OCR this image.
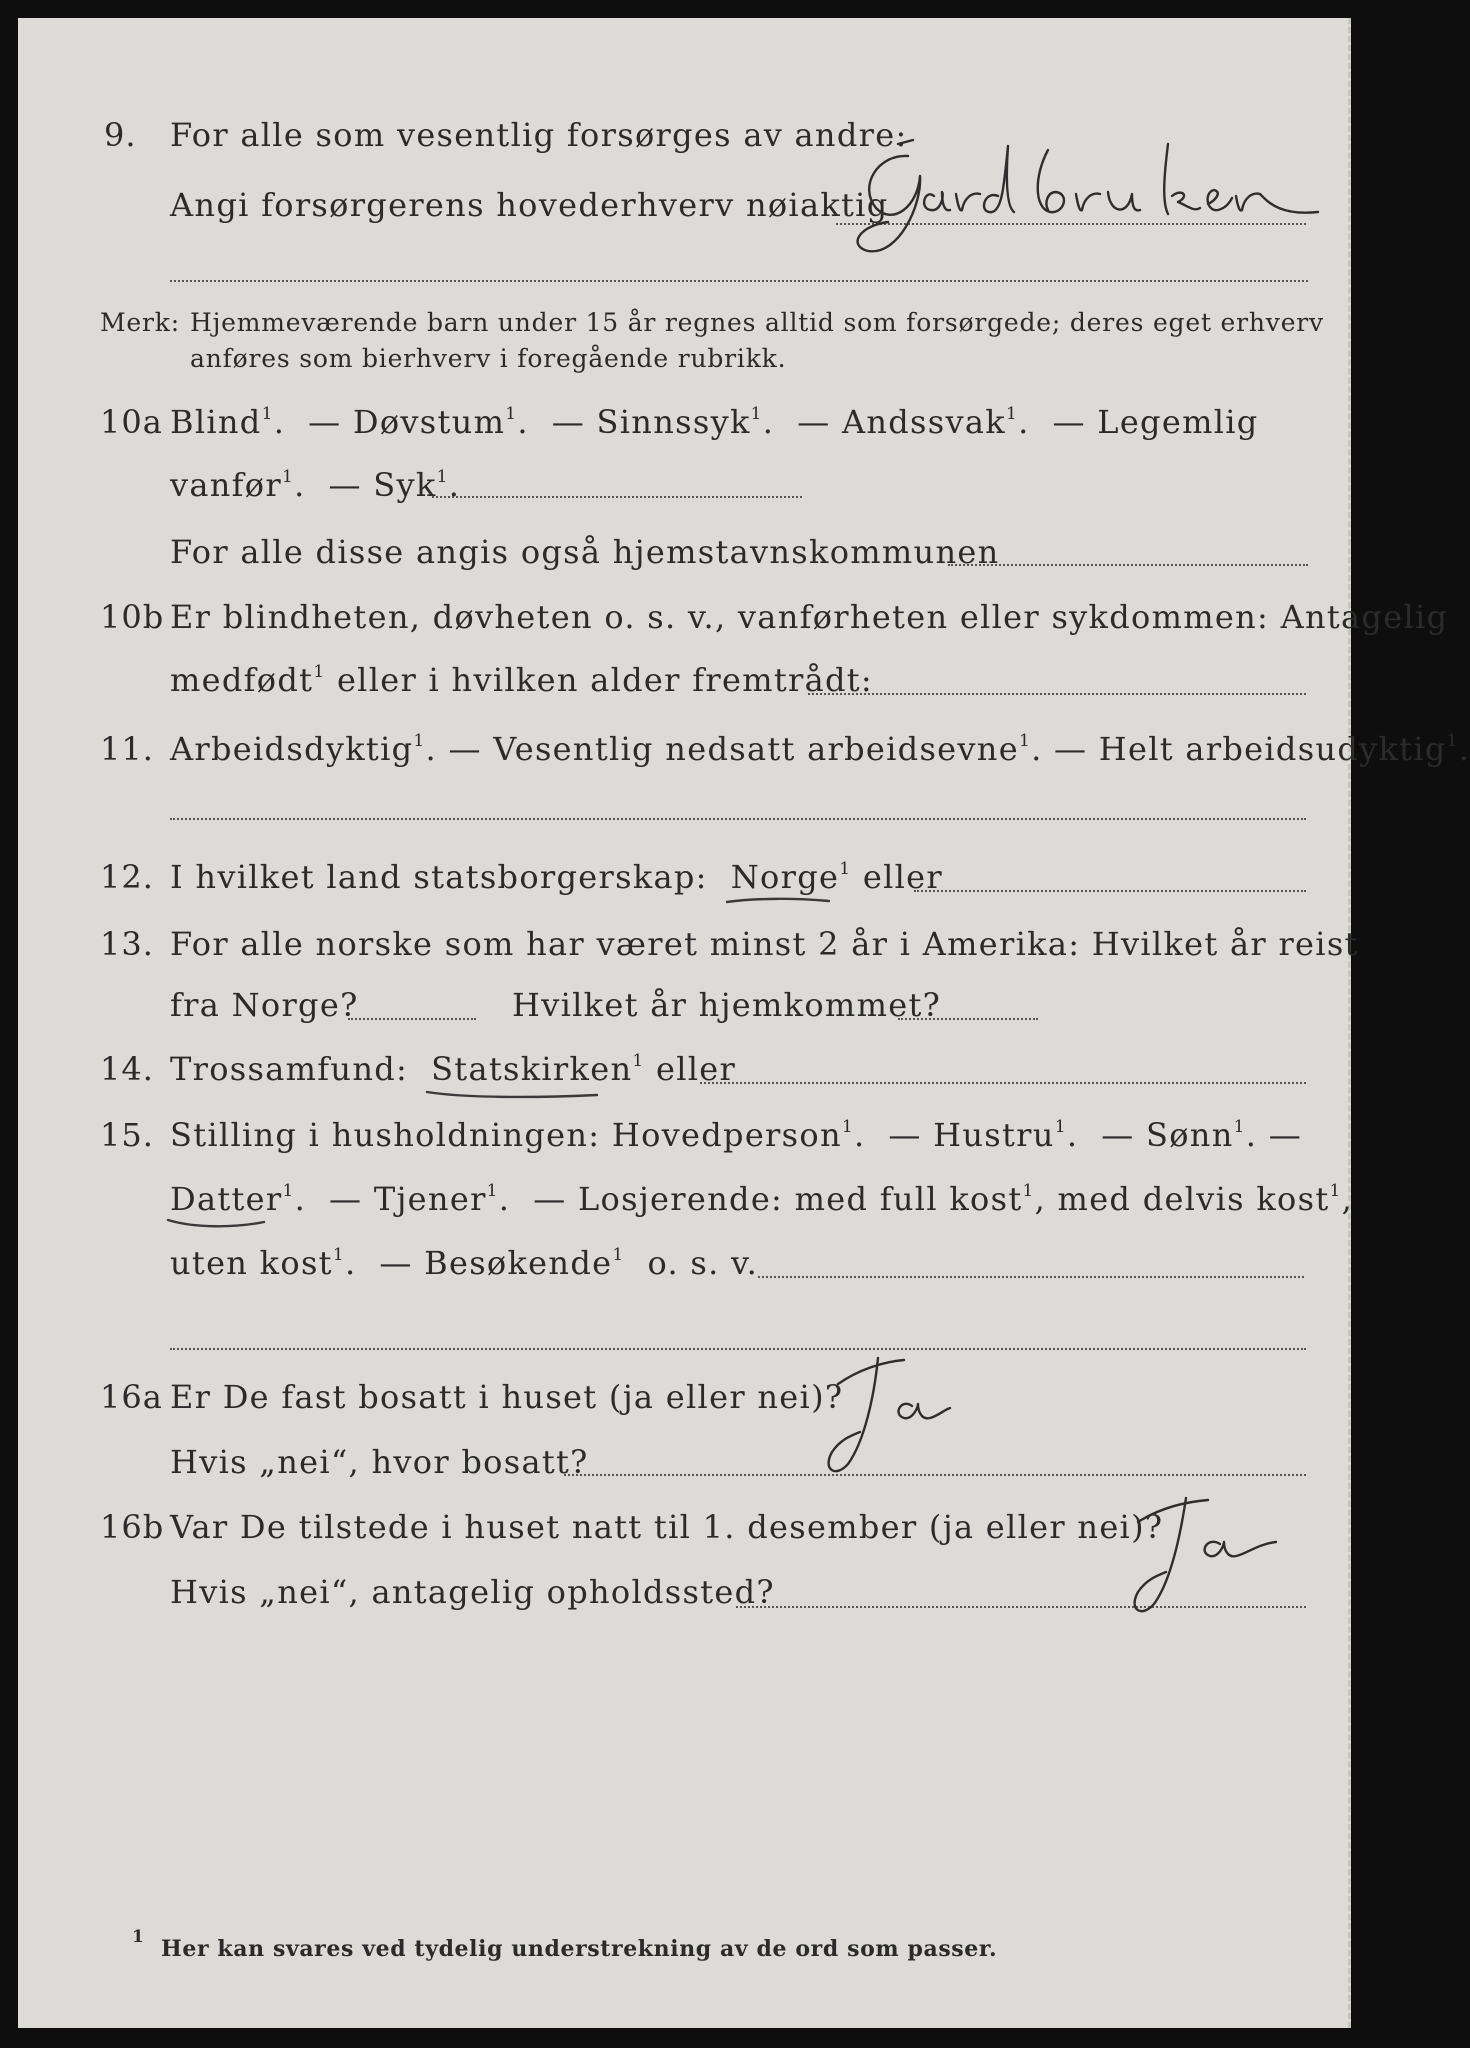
9. For alle som vesentlig forsørges av andre:
Angi forsørgerens hovederhverv nøiaktig
Merk: Hjemmeværende barn under 15 år regnes alltid som forsørgede; deres eget erhverv
anføres som bierhverv i foregående rubrikk.
10a Blind$^1$.  — Døvstum$^1$.  — Sinnssyk$^1$.  — Andssvak$^1$.  — Legemlig
vanfør$^1$.  — Syk$^1$.
For alle disse angis også hjemstavnskommunen
10b Er blindheten, døvheten o. s. v., vanførheten eller sykdommen: Antagelig
medfødt$^1$ eller i hvilken alder fremtrådt:
11. Arbeidsdyktig$^1$. — Vesentlig nedsatt arbeidsevne$^1$. — Helt arbeidsudyktig$^1$.
12. I hvilket land statsborgerskap: Norge
$^1$ eller
13. For alle norske som har været minst 2 år i Amerika: Hvilket år reist
fra Norge?	Hvilket år hjemkommet?
14. Trossamfund: Statskirken
$^1$ eller
15. Stilling i husholdningen: Hovedperson$^1$.  — Hustru$^1$.  — Sønn$^1$. —
Datter
$^1$.  — Tjener$^1$.  — Losjerende: med full kost$^1$, med delvis kost$^1$,
uten kost$^1$.  — Besøkende$^1$ o. s. v.
16a Er De fast bosatt i huset (ja eller nei)?
Hvis „nei“, hvor bosatt?
16b Var De tilstede i huset natt til 1. desember (ja eller nei)?
Hvis „nei“, antagelig opholdssted?
$^1$ Her kan svares ved tydelig understrekning av de ord som passer.
